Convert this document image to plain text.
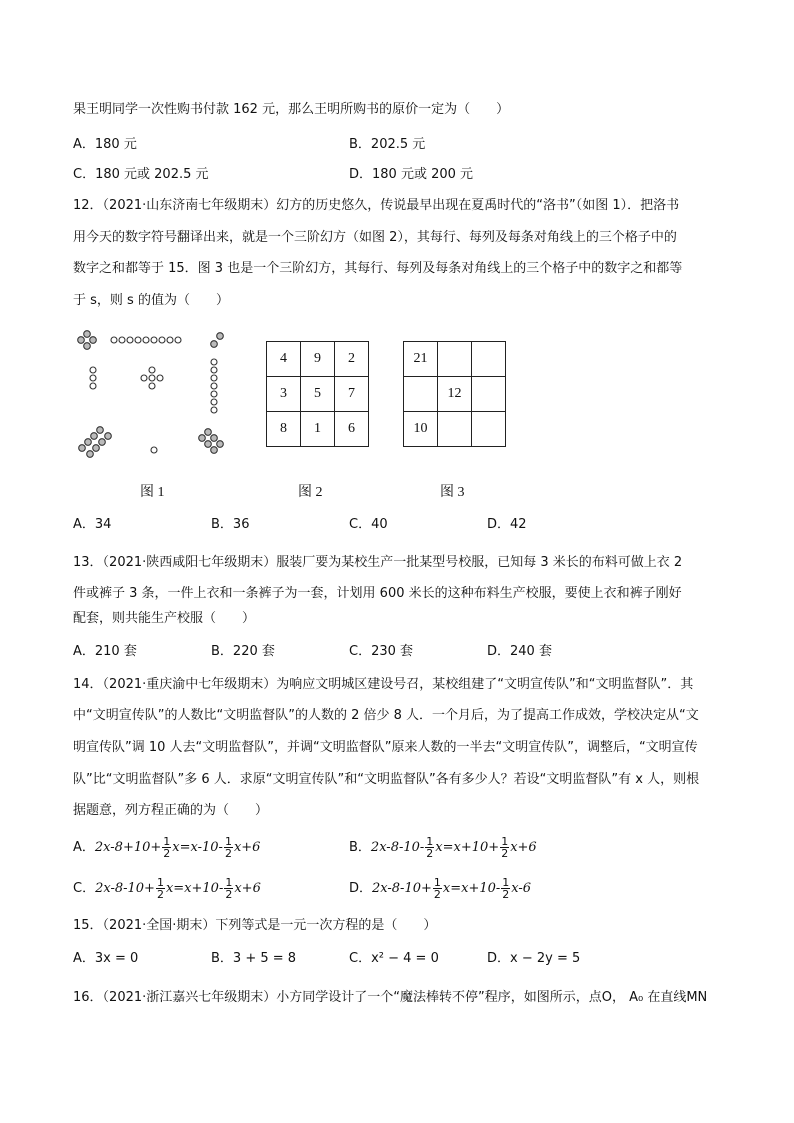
果王明同学一次性购书付款 162 元，那么王明所购书的原价一定为（　　）
A．180 元	B．202.5 元
C．180 元或 202.5 元	D．180 元或 200 元
12．（2021·山东济南七年级期末）幻方的历史悠久，传说最早出现在夏禹时代的“洛书”（如图 1）．把洛书
用今天的数字符号翻译出来，就是一个三阶幻方（如图 2），其每行、每列及每条对角线上的三个格子中的
数字之和都等于 15．图 3 也是一个三阶幻方，其每行、每列及每条对角线上的三个格子中的数字之和都等
于 s，则 s 的值为（　　）
4	9	2
3	5	7
8	1	6
21		
	12	
10		
图 1	图 2	图 3
A．34	B．36	C．40	D．42
13．（2021·陕西咸阳七年级期末）服装厂要为某校生产一批某型号校服，已知每 3 米长的布料可做上衣 2
件或裤子 3 条，一件上衣和一条裤子为一套，计划用 600 米长的这种布料生产校服，要使上衣和裤子刚好
配套，则共能生产校服（　　）
A．210 套	B．220 套	C．230 套	D．240 套
14．（2021·重庆渝中七年级期末）为响应文明城区建设号召，某校组建了“文明宣传队”和“文明监督队”．其
中“文明宣传队”的人数比“文明监督队”的人数的 2 倍少 8 人．一个月后，为了提高工作成效，学校决定从“文
明宣传队”调 10 人去“文明监督队”，并调“文明监督队”原来人数的一半去“文明宣传队”，调整后，“文明宣传
队”比“文明监督队”多 6 人．求原“文明宣传队”和“文明监督队”各有多少人？若设“文明监督队”有 x 人，则根
据题意，列方程正确的为（　　）
A．$2x-8+10+ \frac{1}{2} x=x-10- \frac{1}{2} x+6$	B．$2x-8-10- \frac{1}{2} x=x+10+ \frac{1}{2} x+6$
C．$2x-8-10+ \frac{1}{2} x=x+10- \frac{1}{2} x+6$	D．$2x-8-10+ \frac{1}{2} x=x+10- \frac{1}{2} x-6$
15．（2021·全国·期末）下列等式是一元一次方程的是（　　）
A．3x = 0	B．3 + 5 = 8	C．x² − 4 = 0	D．x − 2y = 5
16．（2021·浙江嘉兴七年级期末）小方同学设计了一个“魔法棒转不停”程序，如图所示，点O， A₀ 在直线MN
